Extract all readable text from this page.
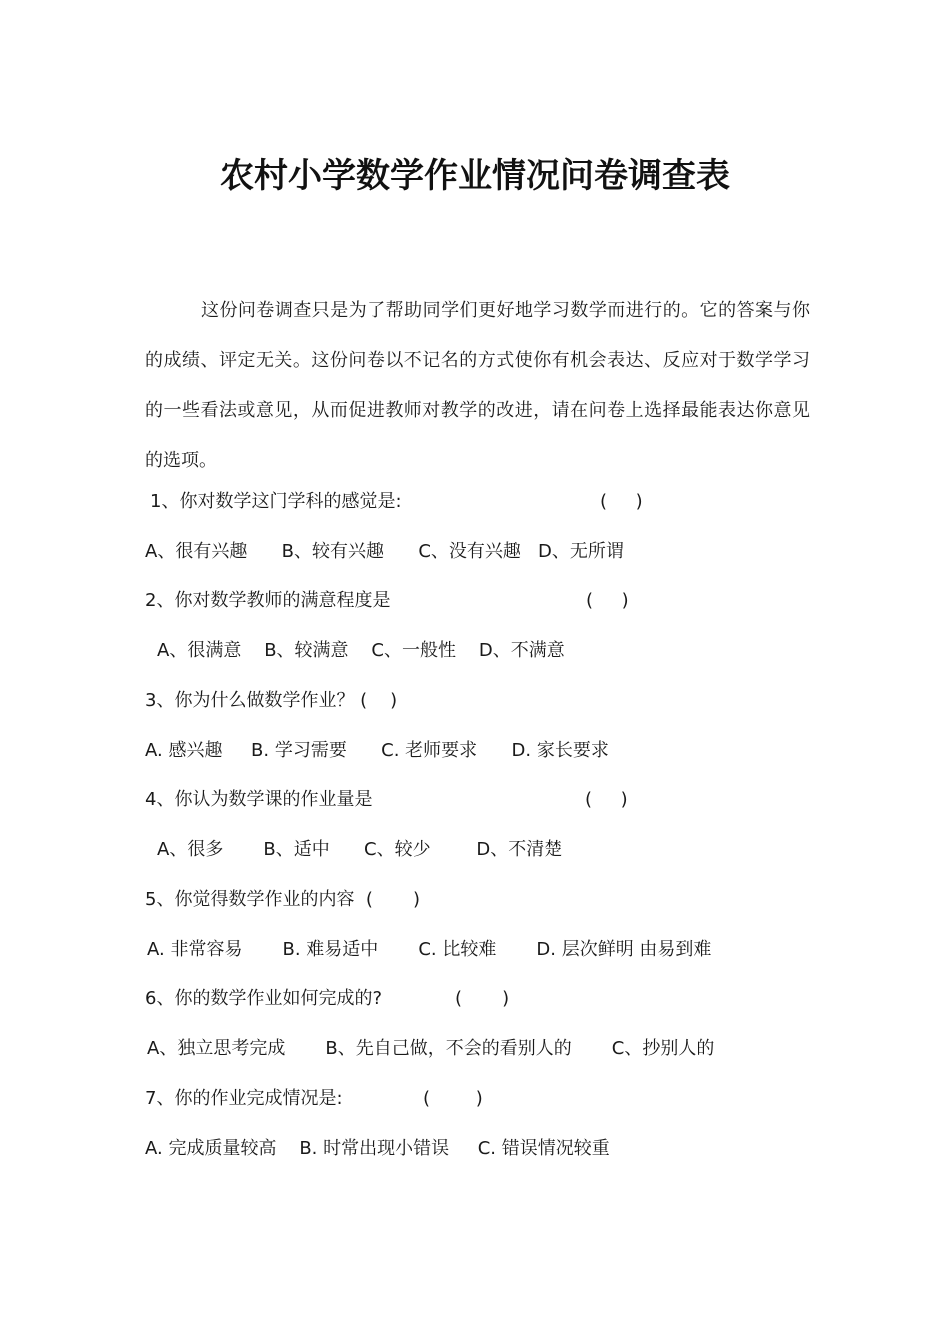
农村小学数学作业情况问卷调查表
这份问卷调查只是为了帮助同学们更好地学习数学而进行的。它的答案与你的成绩、评定无关。这份问卷以不记名的方式使你有机会表达、反应对于数学学习的一些看法或意见，从而促进教师对教学的改进，请在问卷上选择最能表达你意见的选项。
1、你对数学这门学科的感觉是:	(     )
A、很有兴趣      B、较有兴趣      C、没有兴趣   D、无所谓
2、你对数学教师的满意程度是	(     )
A、很满意    B、较满意    C、一般性    D、不满意
3、你为什么做数学作业？ (    )
A. 感兴趣     B. 学习需要      C. 老师要求      D. 家长要求
4、你认为数学课的作业量是	(     )
A、很多       B、适中      C、较少        D、不清楚
5、你觉得数学作业的内容  (       )
A. 非常容易       B. 难易适中       C. 比较难       D. 层次鲜明 由易到难
6、你的数学作业如何完成的?	(       )
A、独立思考完成       B、先自己做，不会的看别人的       C、抄别人的
7、你的作业完成情况是:	(        )
A. 完成质量较高    B. 时常出现小错误     C. 错误情况较重
